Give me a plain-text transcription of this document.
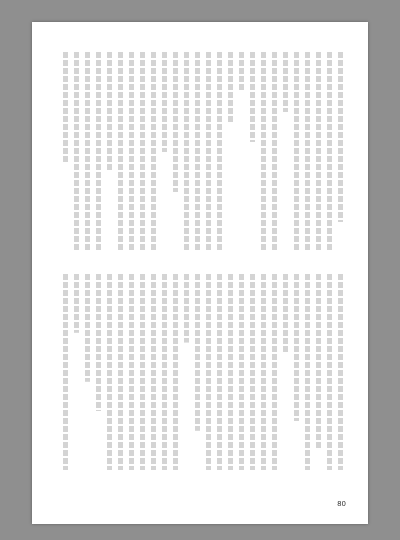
80
